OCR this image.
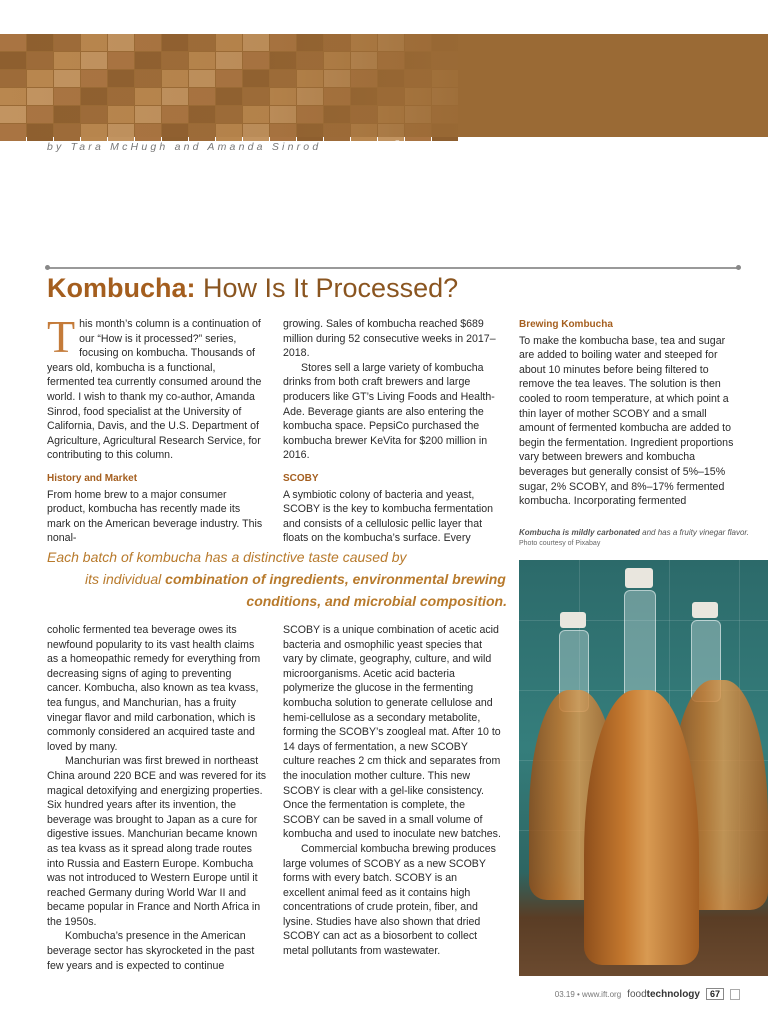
[ P R O C E S S I N G ]
by Tara McHugh and Amanda Sinrod
Kombucha: How Is It Processed?

This month’s column is a continuation of our “How is it processed?” series, focusing on kombucha. Thousands of years old, kombucha is a functional, fermented tea currently consumed around the world. I wish to thank my co-author, Amanda Sinrod, food specialist at the University of California, Davis, and the U.S. Department of Agriculture, Agricultural Research Service, for contributing to this column.

History and Market

From home brew to a major consumer product, kombucha has recently made its mark on the American beverage industry. This nonal-

growing. Sales of kombucha reached $689 million during 52 consecutive weeks in 2017–2018.

Stores sell a large variety of kombucha drinks from both craft brewers and large producers like GT’s Living Foods and Health-Ade. Beverage giants are also entering the kombucha space. PepsiCo purchased the kombucha brewer KeVita for $200 million in 2016.

SCOBY

A symbiotic colony of bacteria and yeast, SCOBY is the key to kombucha fermentation and consists of a cellulosic pellic layer that floats on the kombucha’s surface. Every

Brewing Kombucha

To make the kombucha base, tea and sugar are added to boiling water and steeped for about 10 minutes before being filtered to remove the tea leaves. The solution is then cooled to room temperature, at which point a thin layer of mother SCOBY and a small amount of fermented kombucha are added to begin the fermentation. Ingredient proportions vary between brewers and kombucha beverages but generally consist of 5%–15% sugar, 2% SCOBY, and 8%–17% fermented kombucha. Incorporating fermented

Kombucha is mildly carbonated and has a fruity vinegar flavor.
Photo courtesy of Pixabay
Each batch of kombucha has a distinctive taste caused by
its individual combination of ingredients, environmental brewing
conditions, and microbial composition.

coholic fermented tea beverage owes its newfound popularity to its vast health claims as a homeopathic remedy for everything from decreasing signs of aging to preventing cancer. Kombucha, also known as tea kvass, tea fungus, and Manchurian, has a fruity vinegar flavor and mild carbonation, which is commonly considered an acquired taste and loved by many.

Manchurian was first brewed in northeast China around 220 BCE and was revered for its magical detoxifying and energizing properties. Six hundred years after its invention, the beverage was brought to Japan as a cure for digestive issues. Manchurian became known as tea kvass as it spread along trade routes into Russia and Eastern Europe. Kombucha was not introduced to Western Europe until it reached Germany during World War II and became popular in France and North Africa in the 1950s.

Kombucha’s presence in the American beverage sector has skyrocketed in the past few years and is expected to continue

SCOBY is a unique combination of acetic acid bacteria and osmophilic yeast species that vary by climate, geography, culture, and wild microorganisms. Acetic acid bacteria polymerize the glucose in the fermenting kombucha solution to generate cellulose and hemi-cellulose as a secondary metabolite, forming the SCOBY’s zoogleal mat. After 10 to 14 days of fermentation, a new SCOBY culture reaches 2 cm thick and separates from the inoculation mother culture. This new SCOBY is clear with a gel-like consistency. Once the fermentation is complete, the SCOBY can be saved in a small volume of kombucha and used to inoculate new batches.

Commercial kombucha brewing produces large volumes of SCOBY as a new SCOBY forms with every batch. SCOBY is an excellent animal feed as it contains high concentrations of crude protein, fiber, and lysine. Studies have also shown that dried SCOBY can act as a biosorbent to collect metal pollutants from wastewater.

03.19 • www.ift.org foodtechnology	67
